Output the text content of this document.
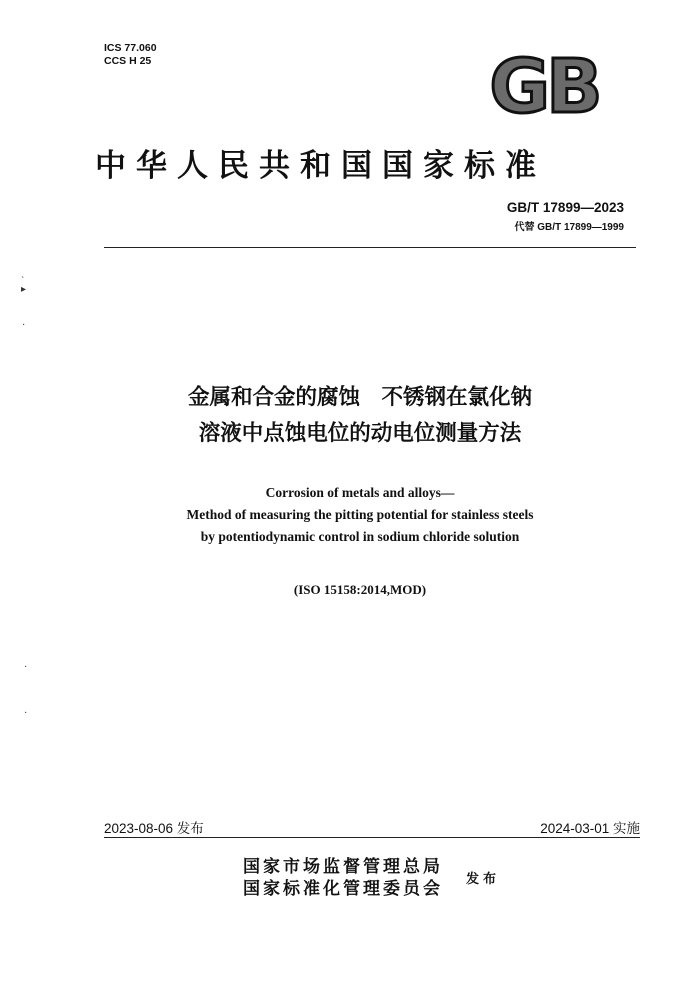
ICS 77.060
CCS H 25	GB
中华人民共和国国家标准
GB/T 17899—2023
代替 GB/T 17899—1999
ˋ
▸
·
·
·
金属和合金的腐蚀　不锈钢在氯化钠
溶液中点蚀电位的动电位测量方法
Corrosion of metals and alloys—
Method of measuring the pitting potential for stainless steels
by potentiodynamic control in sodium chloride solution
(ISO 15158:2014,MOD)
2023-08-06 发布	2024-03-01 实施
国家市场监督管理总局
国家标准化管理委员会 发布
